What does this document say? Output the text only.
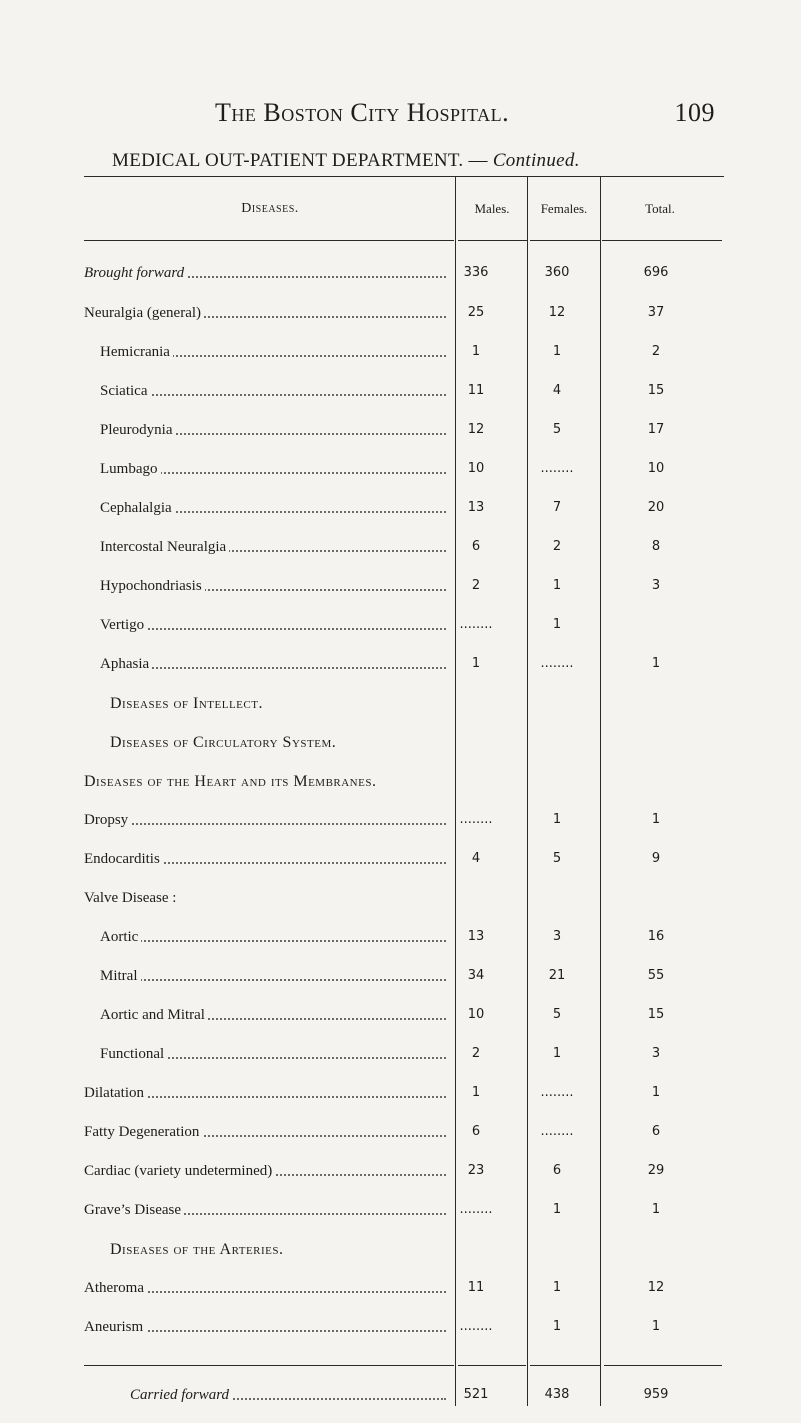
The Boston City Hospital.	109
MEDICAL OUT-PATIENT DEPARTMENT. — Continued.
Diseases.	Males.	Females.	Total.
Brought forward	336	360	696
Neuralgia (general)	25	12	37
Hemicrania	1	1	2
Sciatica	11	4	15
Pleurodynia	12	5	17
Lumbago	10	........	10
Cephalalgia	13	7	20
Intercostal Neuralgia	6	2	8
Hypochondriasis	2	1	3
Vertigo	........	1
Aphasia	1	........	1
Diseases of Intellect.
Diseases of Circulatory System.
Diseases of the Heart and its Membranes.
Dropsy	........	1	1
Endocarditis	4	5	9
Valve Disease :
Aortic	13	3	16
Mitral	34	21	55
Aortic and Mitral	10	5	15
Functional	2	1	3
Dilatation	1	........	1
Fatty Degeneration	6	........	6
Cardiac (variety undetermined)	23	6	29
Grave’s Disease	........	1	1
Diseases of the Arteries.
Atheroma	11	1	12
Aneurism	........	1	1
Carried forward	521	438	959
